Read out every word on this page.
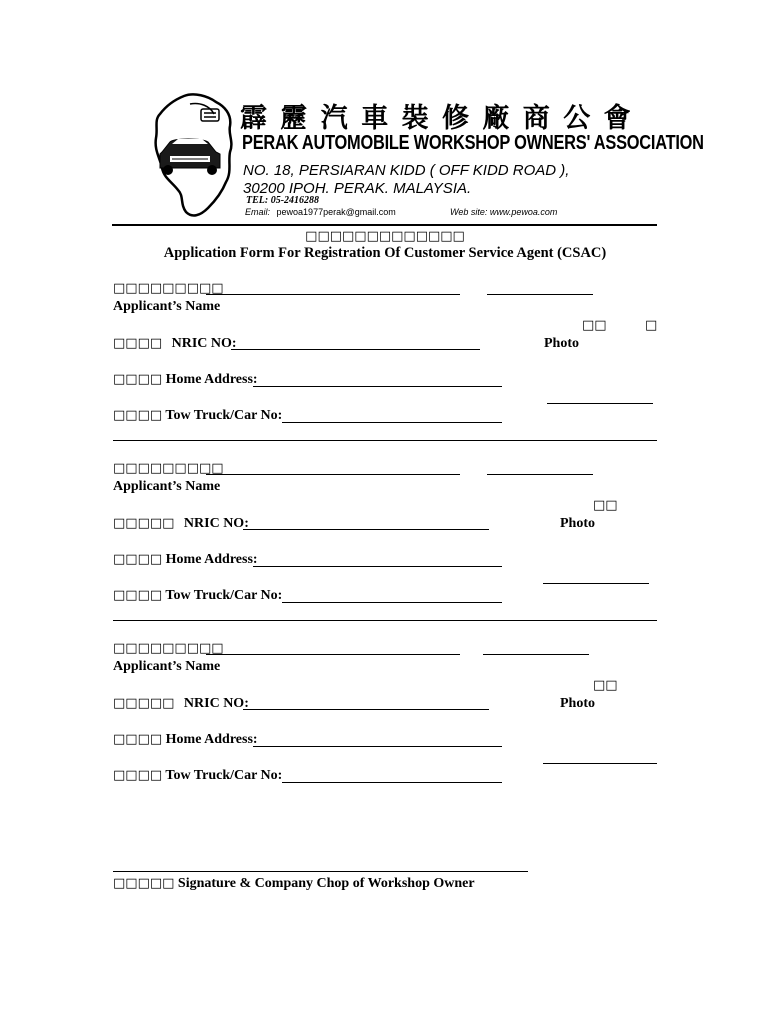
霹 靂 汽 車 裝 修 廠 商 公 會
PERAK AUTOMOBILE WORKSHOP OWNERS' ASSOCIATION
NO. 18, PERSIARAN KIDD ( OFF KIDD ROAD ),
30200 IPOH. PERAK. MALAYSIA.
TEL: 05-2416288
Email: pewoa1977perak@gmail.com	Web site: www.pewoa.com
□□□□□□□□□□□□□
Application Form For Registration Of Customer Service Agent (CSAC)
□□□□□□□□□
Applicant’s Name
□□	□
Photo
□□□□ NRIC NO:
□□□□ Home Address:
□□□□ Tow Truck/Car No:
□□□□□□□□□
Applicant’s Name
□□
Photo
□□□□□ NRIC NO:
□□□□ Home Address:
□□□□ Tow Truck/Car No:
□□□□□□□□□
Applicant’s Name
□□
Photo
□□□□□ NRIC NO:
□□□□ Home Address:
□□□□ Tow Truck/Car No:
□□□□□ Signature & Company Chop of Workshop Owner
